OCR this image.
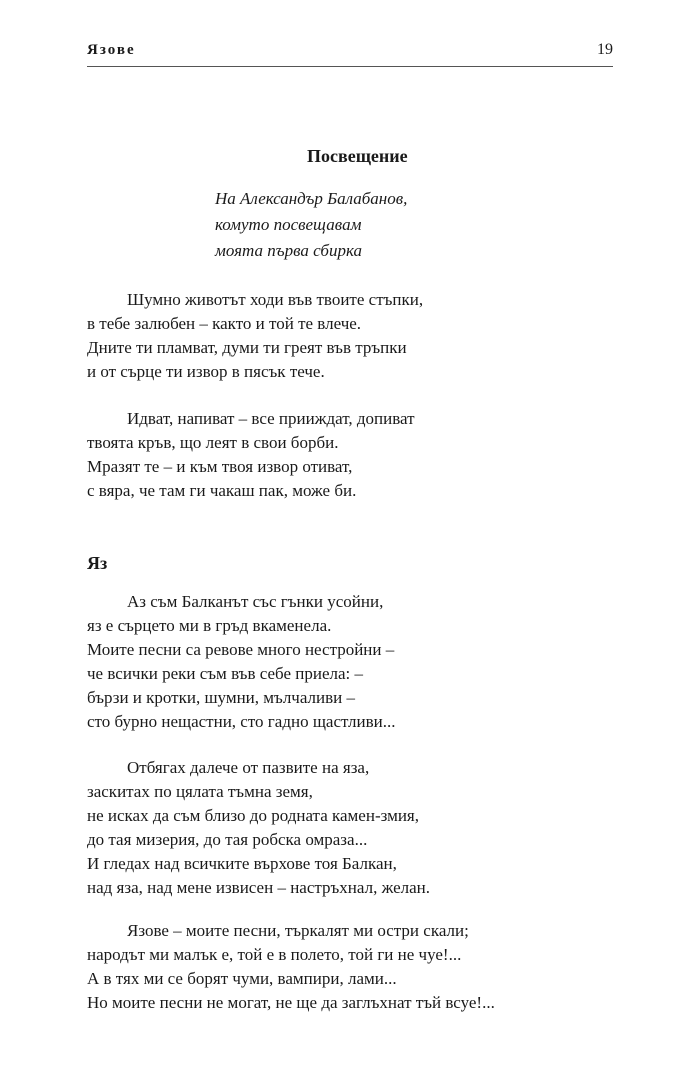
Язове	19
Посвещение
На Александър Балабанов,
комуто посвещавам
моята първа сбирка
Шумно животът ходи във твоите стъпки,
в тебе залюбен – както и той те влече.
Дните ти пламват, думи ти греят във тръпки
и от сърце ти извор в пясък тече.
Идват, напиват – все прииждат, допиват
твоята кръв, що леят в свои борби.
Мразят те – и към твоя извор отиват,
с вяра, че там ги чакаш пак, може би.
Яз
Аз съм Балканът със гънки усойни,
яз е сърцето ми в гръд вкаменела.
Моите песни са ревове много нестройни –
че всички реки съм във себе приела: –
бързи и кротки, шумни, мълчаливи –
сто бурно нещастни, сто гадно щастливи...
Отбягах далече от пазвите на яза,
заскитах по цялата тъмна земя,
не исках да съм близо до родната камен-змия,
до тая мизерия, до тая робска омраза...
И гледах над всичките върхове тоя Балкан,
над яза, над мене извисен – настръхнал, желан.
Язове – моите песни, търкалят ми остри скали;
народът ми малък е, той е в полето, той ги не чуе!...
А в тях ми се борят чуми, вампири, лами...
Но моите песни не могат, не ще да заглъхнат тъй всуе!...
